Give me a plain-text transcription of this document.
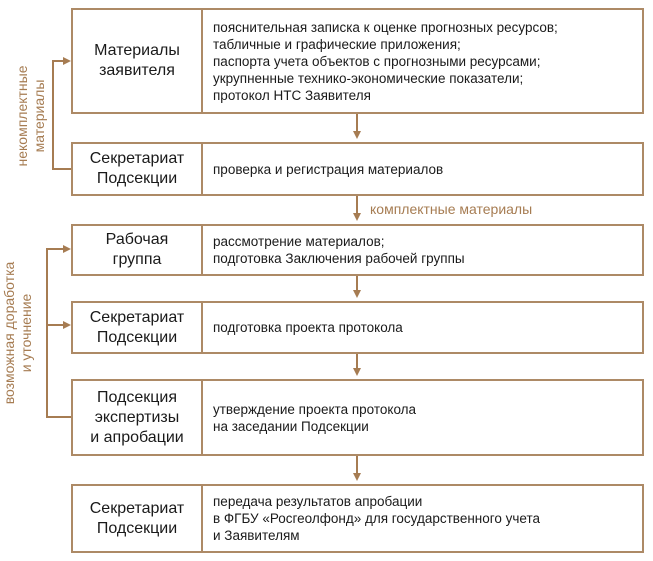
Материалы
заявителя
пояснительная записка к оценке прогнозных ресурсов;
табличные и графические приложения;
паспорта учета объектов с прогнозными ресурсами;
укрупненные технико-экономические показатели;
протокол НТС Заявителя
Секретариат
Подсекции
проверка и регистрация материалов
Рабочая
группа
рассмотрение материалов;
подготовка Заключения рабочей группы
Секретариат
Подсекции
подготовка проекта протокола
Подсекция
экспертизы
и апробации
утверждение проекта протокола
на заседании Подсекции
Секретариат
Подсекции
передача результатов апробации
в ФГБУ «Росгеолфонд» для государственного учета
и Заявителям
некомплектные
материалы
возможная доработка
и уточнение
комплектные материалы
